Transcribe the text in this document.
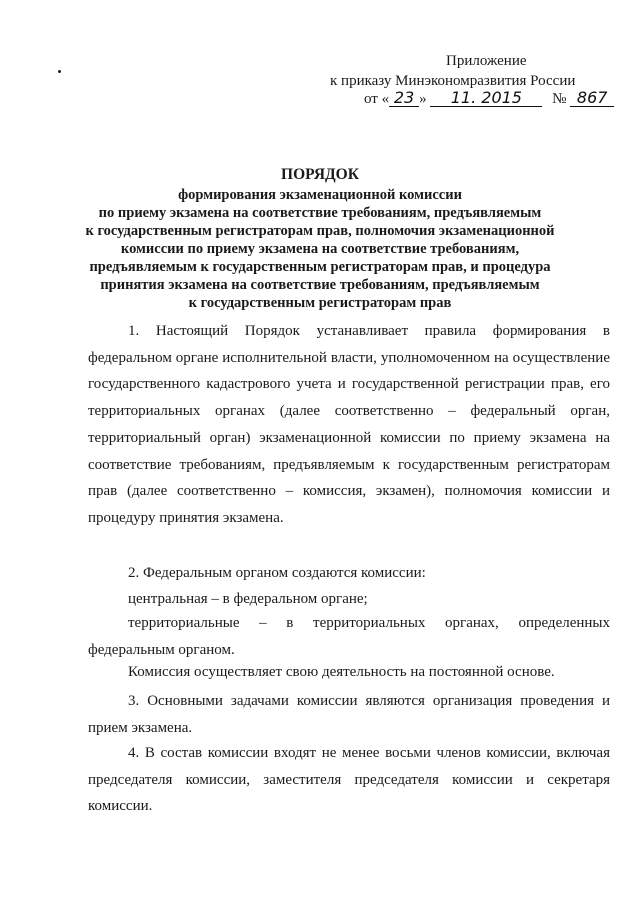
Приложение
к приказу Минэкономразвития России
от « 23 » 11. 2015 № 867
ПОРЯДОК
формирования экзаменационной комиссии
по приему экзамена на соответствие требованиям, предъявляемым
к государственным регистраторам прав, полномочия экзаменационной
комиссии по приему экзамена на соответствие требованиям,
предъявляемым к государственным регистраторам прав, и процедура
принятия экзамена на соответствие требованиям, предъявляемым
к государственным регистраторам прав
1. Настоящий Порядок устанавливает правила формирования в федеральном органе исполнительной власти, уполномоченном на осуществление государственного кадастрового учета и государственной регистрации прав, его территориальных органах (далее соответственно – федеральный орган, территориальный орган) экзаменационной комиссии по приему экзамена на соответствие требованиям, предъявляемым к государственным регистраторам прав (далее соответственно – комиссия, экзамен), полномочия комиссии и процедуру принятия экзамена.
2. Федеральным органом создаются комиссии:
центральная – в федеральном органе;
территориальные – в территориальных органах, определенных федеральным органом.
Комиссия осуществляет свою деятельность на постоянной основе.
3. Основными задачами комиссии являются организация проведения и прием экзамена.
4. В состав комиссии входят не менее восьми членов комиссии, включая председателя комиссии, заместителя председателя комиссии и секретаря комиссии.
